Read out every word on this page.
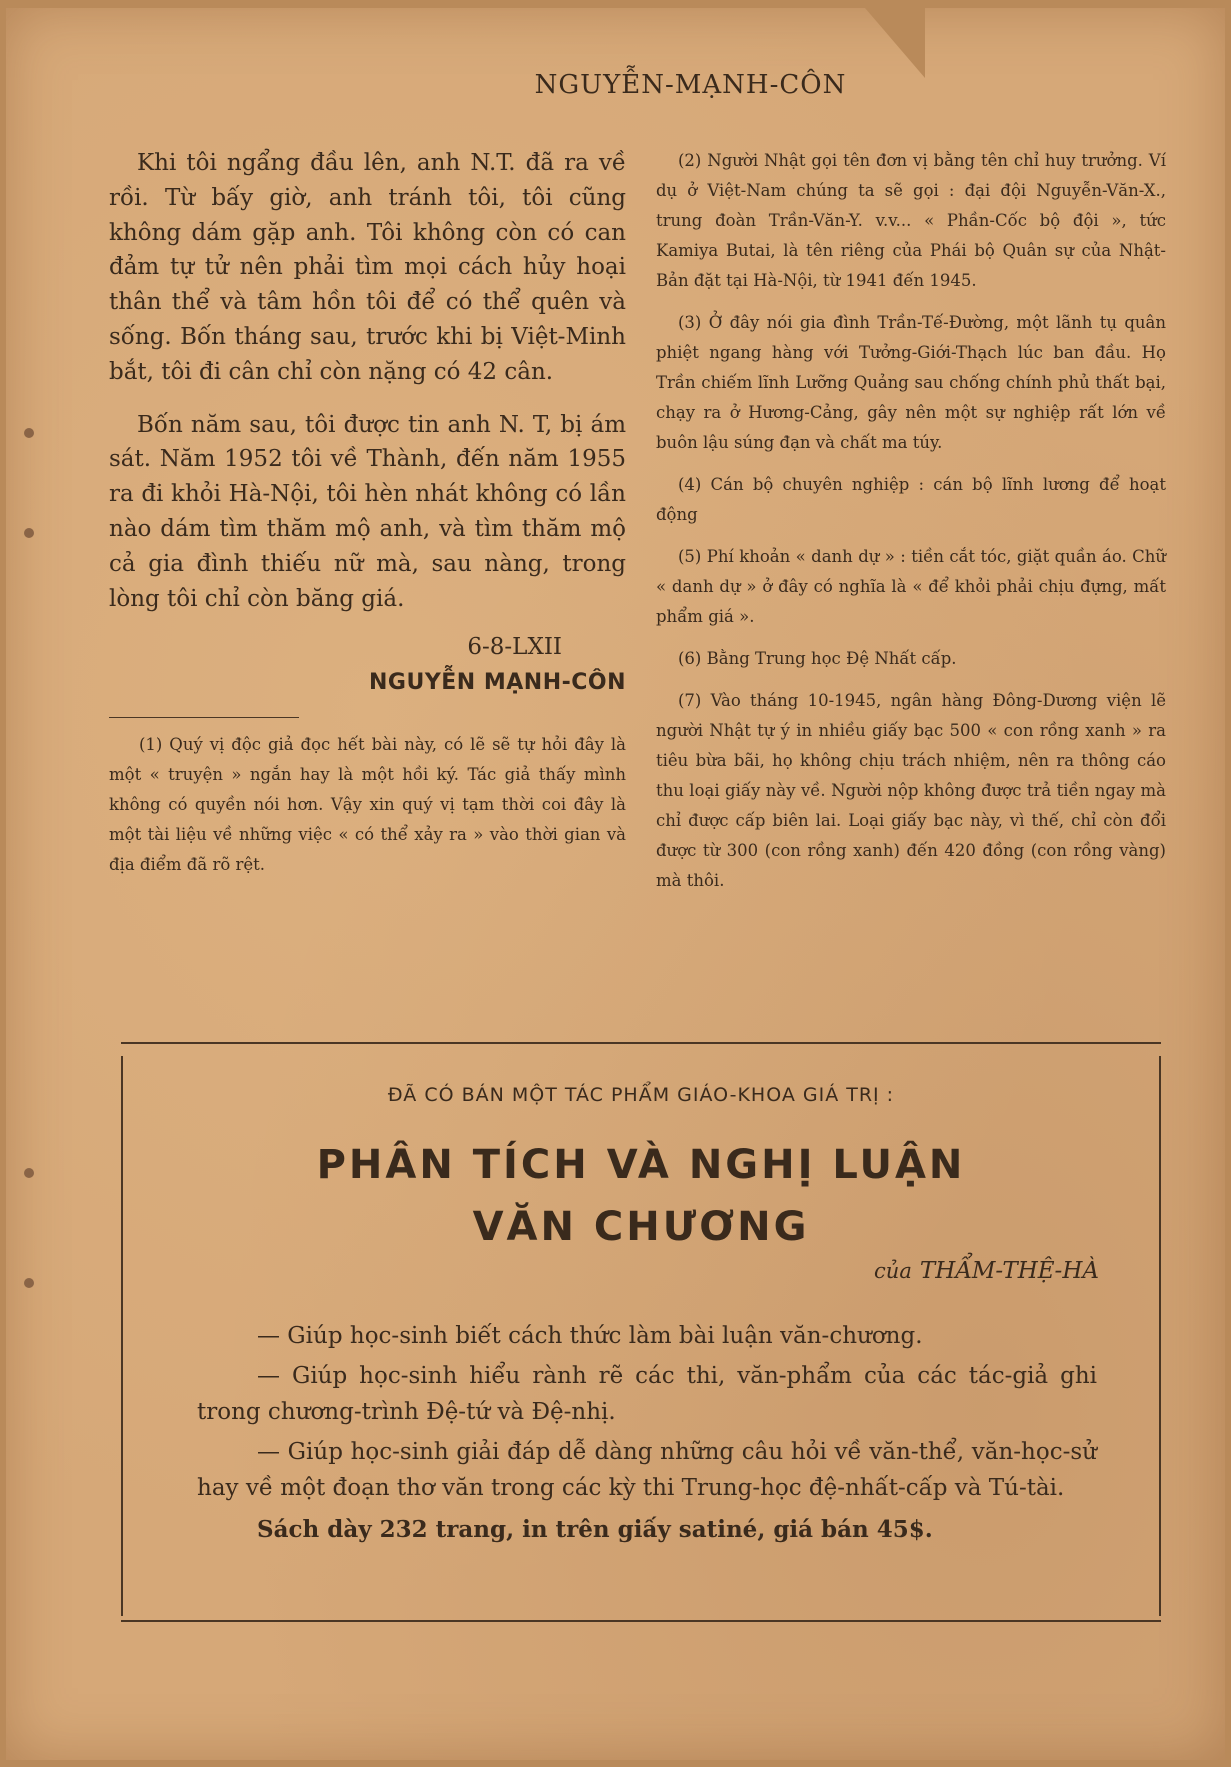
NGUYỄN-MẠNH-CÔN

Khi tôi ngẩng đầu lên, anh N.T. đã ra về rồi. Từ bấy giờ, anh tránh tôi, tôi cũng không dám gặp anh. Tôi không còn có can đảm tự tử nên phải tìm mọi cách hủy hoại thân thể và tâm hồn tôi để có thể quên và sống. Bốn tháng sau, trước khi bị Việt-Minh bắt, tôi đi cân chỉ còn nặng có 42 cân.

Bốn năm sau, tôi được tin anh N. T, bị ám sát. Năm 1952 tôi về Thành, đến năm 1955 ra đi khỏi Hà-Nội, tôi hèn nhát không có lần nào dám tìm thăm mộ anh, và tìm thăm mộ cả gia đình thiếu nữ mà, sau nàng, trong lòng tôi chỉ còn băng giá.

6-8-LXII
NGUYỄN MẠNH-CÔN

(1) Quý vị độc giả đọc hết bài này, có lẽ sẽ tự hỏi đây là một « truyện » ngắn hay là một hồi ký. Tác giả thấy mình không có quyền nói hơn. Vậy xin quý vị tạm thời coi đây là một tài liệu về những việc « có thể xảy ra » vào thời gian và địa điểm đã rõ rệt.

(2) Người Nhật gọi tên đơn vị bằng tên chỉ huy trưởng. Ví dụ ở Việt-Nam chúng ta sẽ gọi : đại đội Nguyễn-Văn-X., trung đoàn Trần-Văn-Y. v.v... « Phần-Cốc bộ đội », tức Kamiya Butai, là tên riêng của Phái bộ Quân sự của Nhật-Bản đặt tại Hà-Nội, từ 1941 đến 1945.

(3) Ở đây nói gia đình Trần-Tế-Đường, một lãnh tụ quân phiệt ngang hàng với Tưởng-Giới-Thạch lúc ban đầu. Họ Trần chiếm lĩnh Lưỡng Quảng sau chống chính phủ thất bại, chạy ra ở Hương-Cảng, gây nên một sự nghiệp rất lớn về buôn lậu súng đạn và chất ma túy.

(4) Cán bộ chuyên nghiệp : cán bộ lĩnh lương để hoạt động

(5) Phí khoản « danh dự » : tiền cắt tóc, giặt quần áo. Chữ « danh dự » ở đây có nghĩa là « để khỏi phải chịu đựng, mất phẩm giá ».

(6) Bằng Trung học Đệ Nhất cấp.

(7) Vào tháng 10-1945, ngân hàng Đông-Dương viện lẽ người Nhật tự ý in nhiều giấy bạc 500 « con rồng xanh » ra tiêu bừa bãi, họ không chịu trách nhiệm, nên ra thông cáo thu loại giấy này về. Người nộp không được trả tiền ngay mà chỉ được cấp biên lai. Loại giấy bạc này, vì thế, chỉ còn đổi được từ 300 (con rồng xanh) đến 420 đồng (con rồng vàng) mà thôi.

ĐÃ CÓ BÁN MỘT TÁC PHẨM GIÁO-KHOA GIÁ TRỊ :
PHÂN TÍCH VÀ NGHỊ LUẬN
VĂN CHƯƠNG
của THẨM-THỆ-HÀ

— Giúp học-sinh biết cách thức làm bài luận văn-chương.

— Giúp học-sinh hiểu rành rẽ các thi, văn-phẩm của các tác-giả ghi trong chương-trình Đệ-tứ và Đệ-nhị.

— Giúp học-sinh giải đáp dễ dàng những câu hỏi về văn-thể, văn-học-sử hay về một đoạn thơ văn trong các kỳ thi Trung-học đệ-nhất-cấp và Tú-tài.

Sách dày 232 trang, in trên giấy satiné, giá bán 45$.
